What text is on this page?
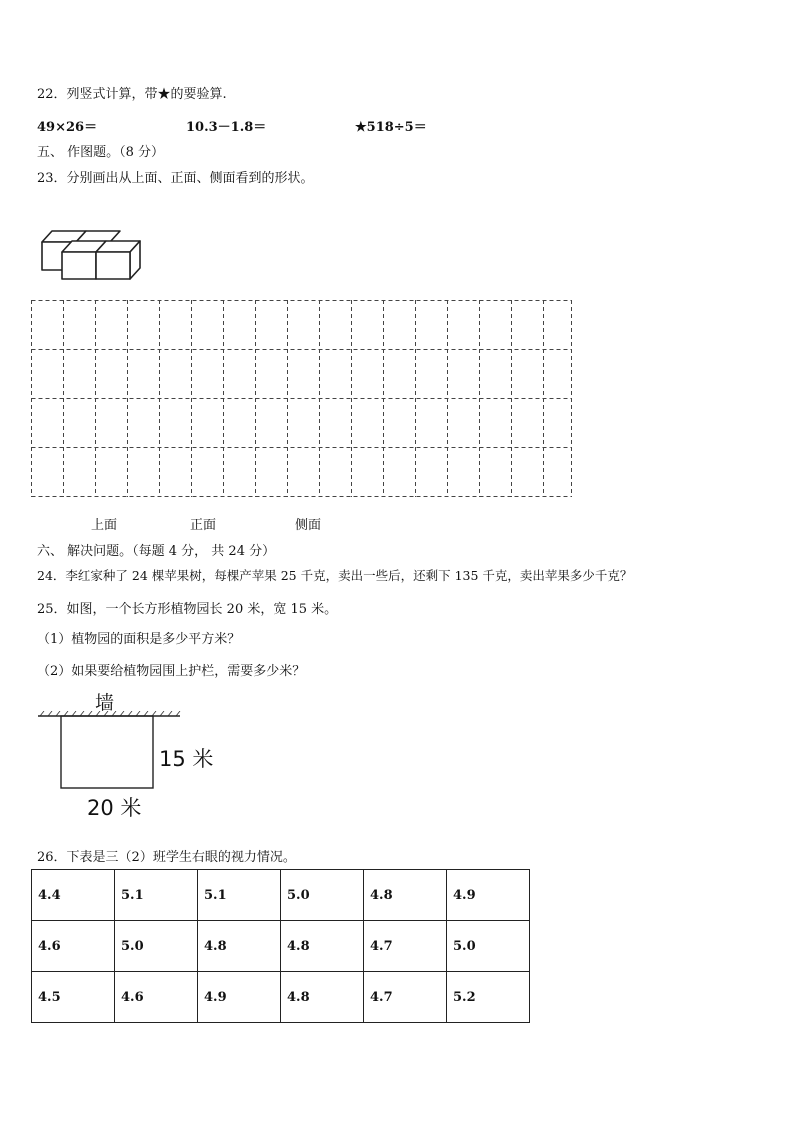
22．列竖式计算，带★的要验算.
49×26＝	10.3－1.8＝	★518÷5＝
五、 作图题。（8 分）
23．分别画出从上面、正面、侧面看到的形状。
上面	正面	侧面
六、 解决问题。（每题 4 分， 共 24 分）
24．李红家种了 24 棵苹果树，每棵产苹果 25 千克，卖出一些后，还剩下 135 千克，卖出苹果多少千克？
25．如图，一个长方形植物园长 20 米，宽 15 米。
（1）植物园的面积是多少平方米？
（2）如果要给植物园围上护栏，需要多少米？
墙
15 米
20 米
26．下表是三（2）班学生右眼的视力情况。
4.4	5.1	5.1	5.0	4.8	4.9
4.6	5.0	4.8	4.8	4.7	5.0
4.5	4.6	4.9	4.8	4.7	5.2
